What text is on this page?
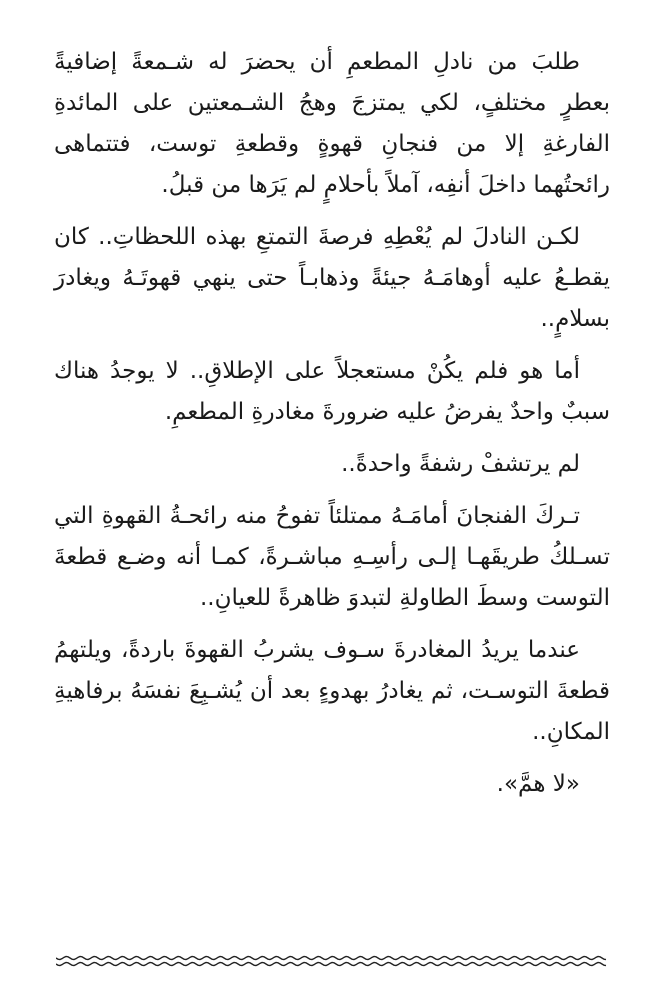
طلبَ من نادلِ المطعمِ أن يحضرَ له شـمعةً إضافيةً بعطرٍ مختلفٍ، لكي يمتزجَ وهجُ الشـمعتين على المائدةِ الفارغةِ إلا من فنجانِ قهوةٍ وقطعةِ توست، فتتماهى رائحتُهما داخلَ أنفِه، آملاً بأحلامٍ لم يَرَها من قبلُ.

لكـن النادلَ لم يُعْطِهِ فرصةَ التمتعِ بهذه اللحظاتِ.. كان يقطـعُ عليه أوهامَـهُ جيئةً وذهابـاً حتى ينهي قهوتَـهُ ويغادرَ بسلامٍ..

أما هو فلم يكُنْ مستعجلاً على الإطلاقِ.. لا يوجدُ هناك سببٌ واحدٌ يفرضُ عليه ضرورةَ مغادرةِ المطعمِ.

لم يرتشفْ رشفةً واحدةً..

تـركَ الفنجانَ أمامَـهُ ممتلئاً تفوحُ منه رائحـةُ القهوةِ التي تسـلكُ طريقَهـا إلـى رأسِـهِ مباشـرةً، كمـا أنه وضـع قطعةَ التوست وسطَ الطاولةِ لتبدوَ ظاهرةً للعيانِ..

عندما يريدُ المغادرةَ سـوف يشربُ القهوةَ باردةً، ويلتهمُ قطعةَ التوسـت، ثم يغادرُ بهدوءٍ بعد أن يُشـبِعَ نفسَهُ برفاهيةِ المكانِ..

«لا همَّ».
